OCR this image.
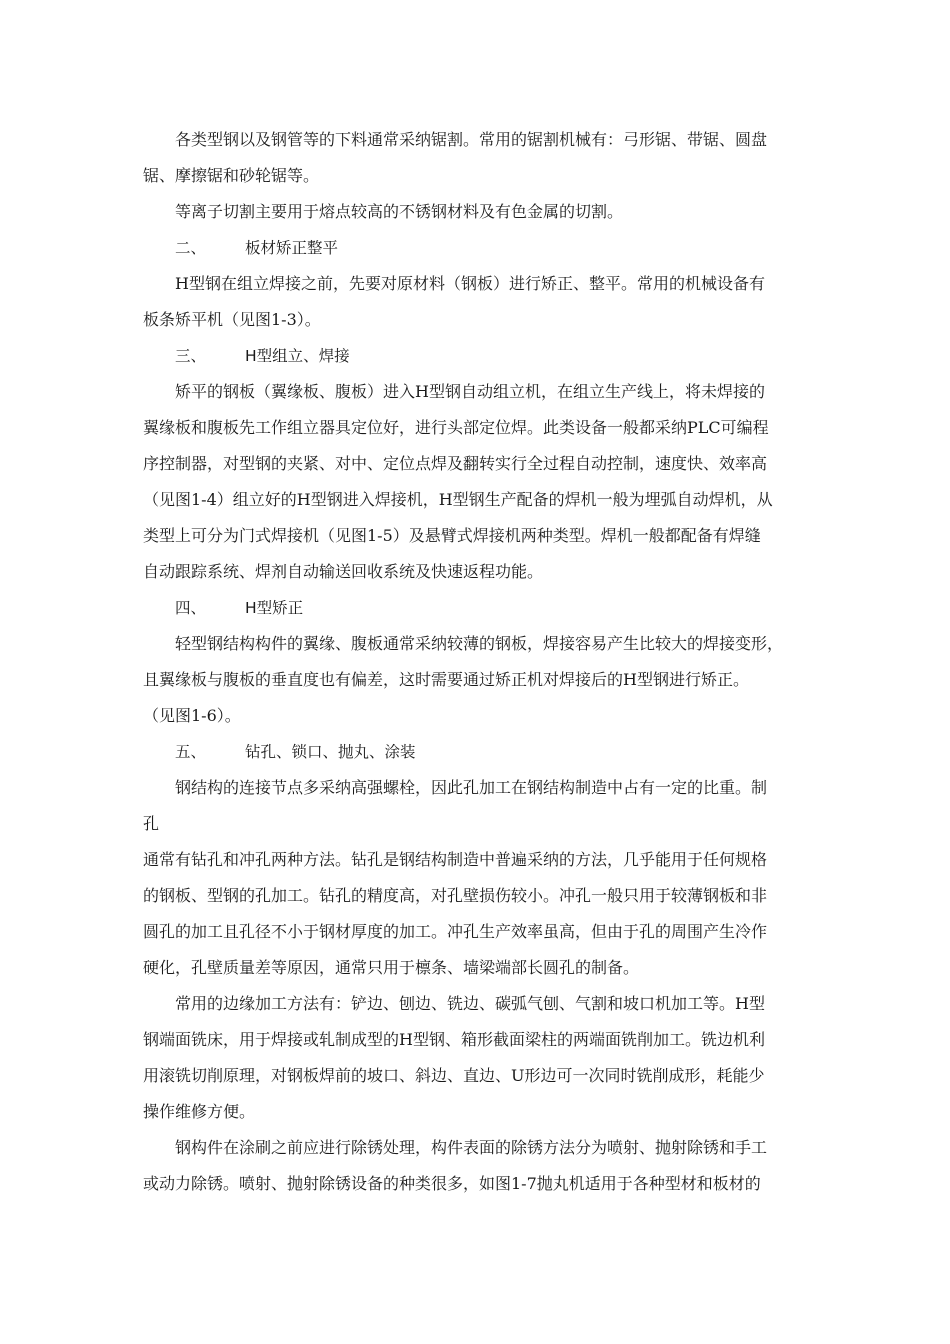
各类型钢以及钢管等的下料通常采纳锯割。常用的锯割机械有：弓形锯、带锯、圆盘
锯、摩擦锯和砂轮锯等。
等离子切割主要用于熔点较高的不锈钢材料及有色金属的切割。
二、	板材矫正整平
H型钢在组立焊接之前，先要对原材料（钢板）进行矫正、整平。常用的机械设备有
板条矫平机（见图1-3）。
三、	H型组立、焊接
矫平的钢板（翼缘板、腹板）进入H型钢自动组立机，在组立生产线上，将未焊接的
翼缘板和腹板先工作组立器具定位好，进行头部定位焊。此类设备一般都采纳PLC可编程
序控制器，对型钢的夹紧、对中、定位点焊及翻转实行全过程自动控制，速度快、效率高
（见图1-4）组立好的H型钢进入焊接机，H型钢生产配备的焊机一般为埋弧自动焊机，从
类型上可分为门式焊接机（见图1-5）及悬臂式焊接机两种类型。焊机一般都配备有焊缝
自动跟踪系统、焊剂自动输送回收系统及快速返程功能。
四、	H型矫正
轻型钢结构构件的翼缘、腹板通常采纳较薄的钢板，焊接容易产生比较大的焊接变形，
且翼缘板与腹板的垂直度也有偏差，这时需要通过矫正机对焊接后的H型钢进行矫正。
（见图1-6）。
五、	钻孔、锁口、抛丸、涂装
钢结构的连接节点多采纳高强螺栓，因此孔加工在钢结构制造中占有一定的比重。制
孔
通常有钻孔和冲孔两种方法。钻孔是钢结构制造中普遍采纳的方法，几乎能用于任何规格
的钢板、型钢的孔加工。钻孔的精度高，对孔壁损伤较小。冲孔一般只用于较薄钢板和非
圆孔的加工且孔径不小于钢材厚度的加工。冲孔生产效率虽高，但由于孔的周围产生冷作
硬化，孔壁质量差等原因，通常只用于檩条、墙梁端部长圆孔的制备。
常用的边缘加工方法有：铲边、刨边、铣边、碳弧气刨、气割和坡口机加工等。H型
钢端面铣床，用于焊接或轧制成型的H型钢、箱形截面梁柱的两端面铣削加工。铣边机利
用滚铣切削原理，对钢板焊前的坡口、斜边、直边、U形边可一次同时铣削成形，耗能少
操作维修方便。
钢构件在涂刷之前应进行除锈处理，构件表面的除锈方法分为喷射、抛射除锈和手工
或动力除锈。喷射、抛射除锈设备的种类很多，如图1-7抛丸机适用于各种型材和板材的
